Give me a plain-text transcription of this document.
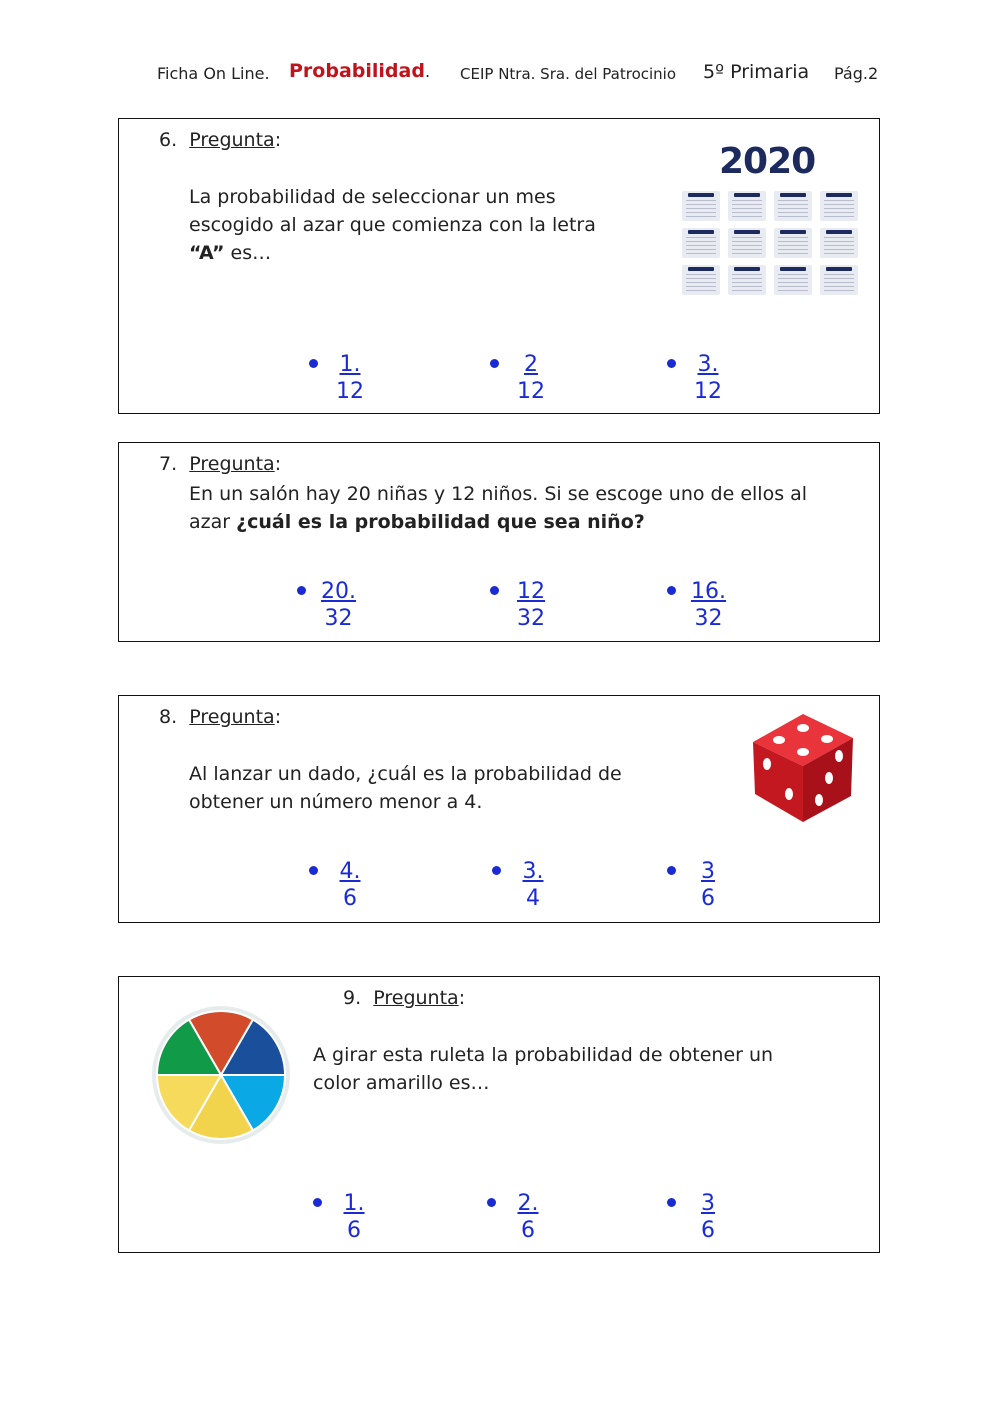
Ficha On Line. Probabilidad. CEIP Ntra. Sra. del Patrocinio 5º Primaria Pág.2
6. Pregunta:
La probabilidad de seleccionar un mes
escogido al azar que comienza con la letra
“A” es…
2020
$\frac{1.}{12}$	$\frac{2}{12}$	$\frac{3.}{12}$
7. Pregunta:
En un salón hay 20 niñas y 12 niños. Si se escoge uno de ellos al
azar ¿cuál es la probabilidad que sea niño?
$\frac{20.}{32}$	$\frac{12}{32}$	$\frac{16.}{32}$
8. Pregunta:
Al lanzar un dado, ¿cuál es la probabilidad de
obtener un número menor a 4.
$\frac{4.}{6}$	$\frac{3.}{4}$	$\frac{3}{6}$
9. Pregunta:
A girar esta ruleta la probabilidad de obtener un
color amarillo es…
$\frac{1.}{6}$	$\frac{2.}{6}$	$\frac{3}{6}$
